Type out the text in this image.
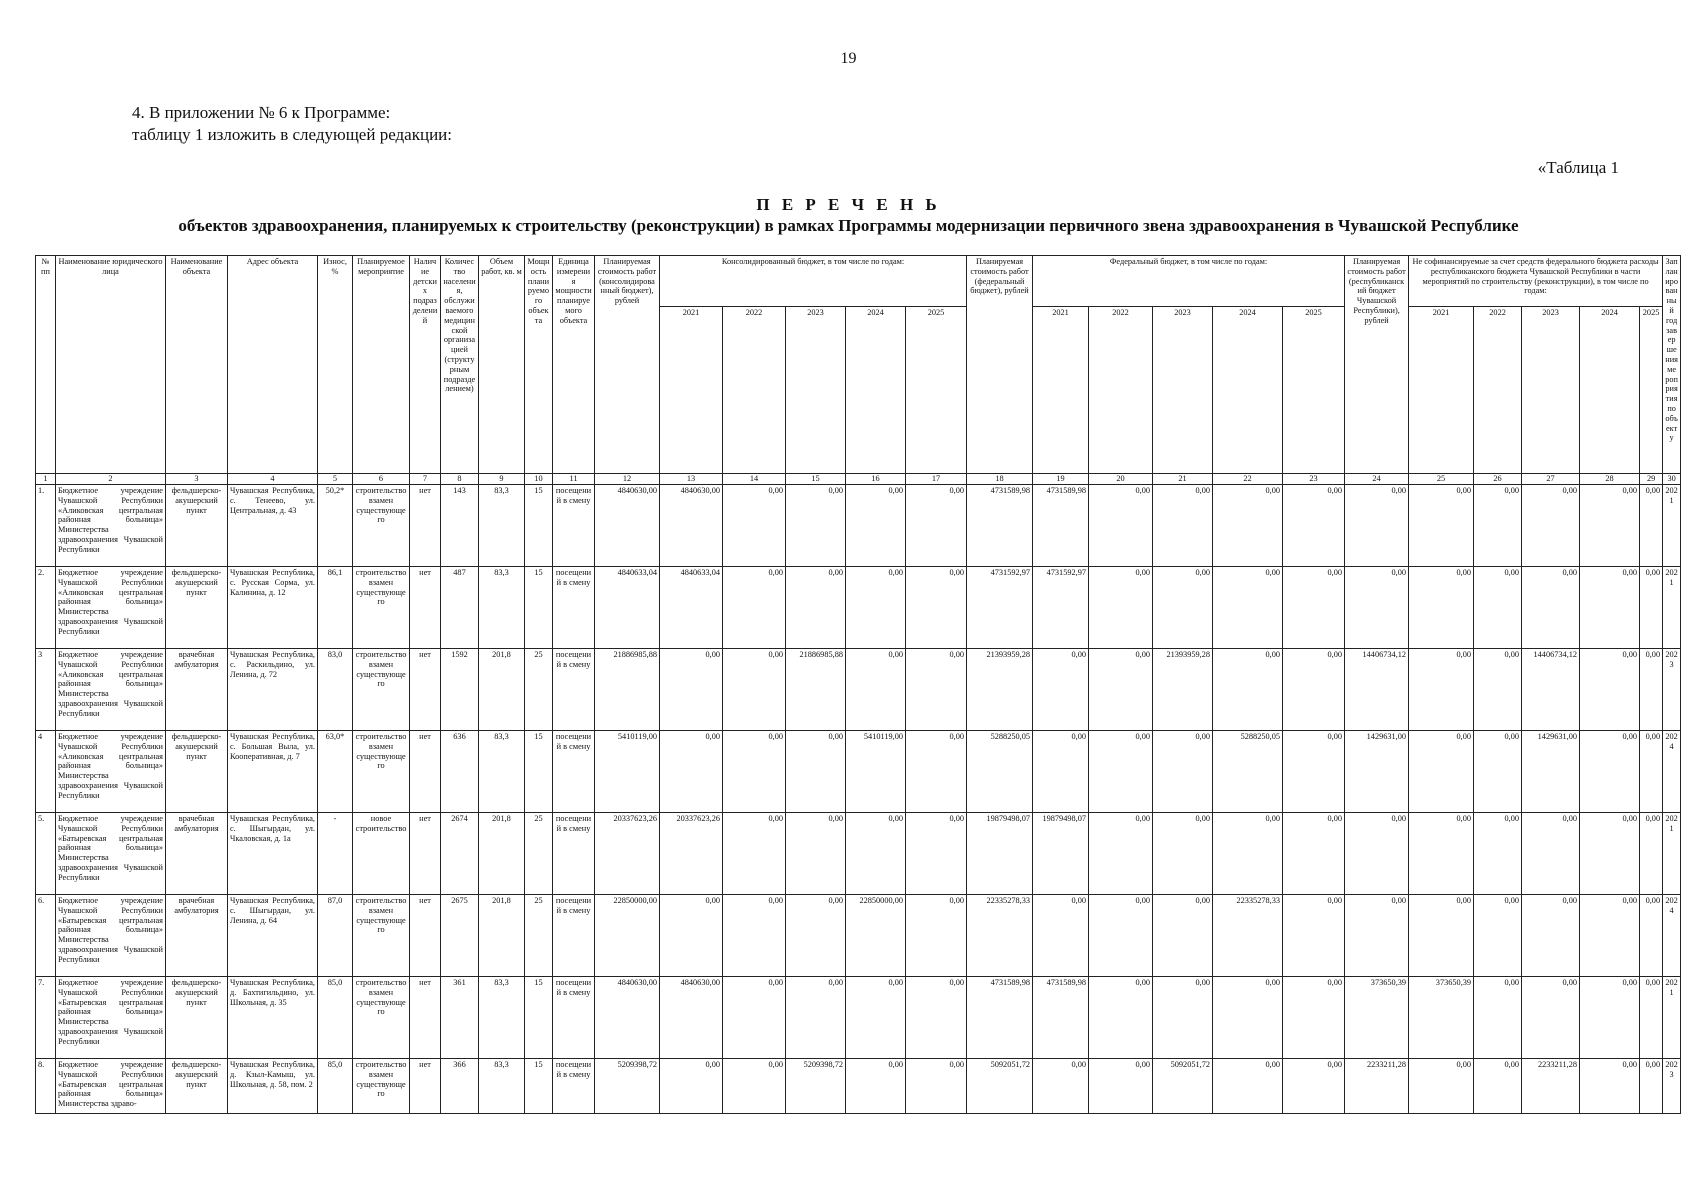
19
4. В приложении № 6 к Программе:
таблицу 1 изложить в следующей редакции:
«Таблица 1
П Е Р Е Ч Е Н Ь
объектов здравоохранения, планируемых к строительству (реконструкции) в рамках Программы модернизации первичного звена здравоохранения в Чувашской Республике
№ пп	Наименование юридического лица	Наименование объекта	Адрес объекта	Износ, %	Планируемое мероприятие	Наличие детских подразделений	Количество населения, обслуживаемого медицинской организацией (структурным подразделением)	Объем работ, кв. м	Мощность планируемого объекта	Единица измерения мощности планируемого объекта	Планируемая стоимость работ (консолидированный бюджет), рублей	Консолидированный бюджет, в том числе по годам:					Планируемая стоимость работ (федеральный бюджет), рублей	Федеральный бюджет, в том числе по годам:					Планируемая стоимость работ (республиканский бюджет Чувашской Республики), рублей	Не софинансируемые за счет средств федерального бюджета расходы республиканского бюджета Чувашской Республики в части мероприятий по строительству (реконструкции), в том числе по годам:					Запланированный год завершения мероприятия по объекту
												2021	2022	2023	2024	2025		2021	2022	2023	2024	2025		2021	2022	2023	2024	2025	
1	2	3	4	5	6	7	8	9	10	11	12	13	14	15	16	17	18	19	20	21	22	23	24	25	26	27	28	29	30
1.	Бюджетное учреждение Чувашской Республики «Аликовская центральная районная больница» Министерства здравоохранения Чувашской Республики	фельдшерско-акушерский пункт	Чувашская Республика, с. Тенеево, ул. Центральная, д. 43	50,2*	строительство взамен существующего	нет	143	83,3	15	посещений в смену	4840630,00	4840630,00	0,00	0,00	0,00	0,00	4731589,98	4731589,98	0,00	0,00	0,00	0,00	0,00	0,00	0,00	0,00	0,00	0,00	2021
2.	Бюджетное учреждение Чувашской Республики «Аликовская центральная районная больница» Министерства здравоохранения Чувашской Республики	фельдшерско-акушерский пункт	Чувашская Республика, с. Русская Сорма, ул. Калинина, д. 12	86,1	строительство взамен существующего	нет	487	83,3	15	посещений в смену	4840633,04	4840633,04	0,00	0,00	0,00	0,00	4731592,97	4731592,97	0,00	0,00	0,00	0,00	0,00	0,00	0,00	0,00	0,00	0,00	2021
3	Бюджетное учреждение Чувашской Республики «Аликовская центральная районная больница» Министерства здравоохранения Чувашской Республики	врачебная амбулатория	Чувашская Республика, с. Раскильдино, ул. Ленина, д. 72	83,0	строительство взамен существующего	нет	1592	201,8	25	посещений в смену	21886985,88	0,00	0,00	21886985,88	0,00	0,00	21393959,28	0,00	0,00	21393959,28	0,00	0,00	14406734,12	0,00	0,00	14406734,12	0,00	0,00	2023
4	Бюджетное учреждение Чувашской Республики «Аликовская центральная районная больница» Министерства здравоохранения Чувашской Республики	фельдшерско-акушерский пункт	Чувашская Республика, с. Большая Выла, ул. Кооперативная, д. 7	63,0*	строительство взамен существующего	нет	636	83,3	15	посещений в смену	5410119,00	0,00	0,00	0,00	5410119,00	0,00	5288250,05	0,00	0,00	0,00	5288250,05	0,00	1429631,00	0,00	0,00	1429631,00	0,00	0,00	2024
5.	Бюджетное учреждение Чувашской Республики «Батыревская центральная районная больница» Министерства здравоохранения Чувашской Республики	врачебная амбулатория	Чувашская Республика, с. Шыгырдан, ул. Чкаловская, д. 1а	-	новое строительство	нет	2674	201,8	25	посещений в смену	20337623,26	20337623,26	0,00	0,00	0,00	0,00	19879498,07	19879498,07	0,00	0,00	0,00	0,00	0,00	0,00	0,00	0,00	0,00	0,00	2021
6.	Бюджетное учреждение Чувашской Республики «Батыревская центральная районная больница» Министерства здравоохранения Чувашской Республики	врачебная амбулатория	Чувашская Республика, с. Шыгырдан, ул. Ленина, д. 64	87,0	строительство взамен существующего	нет	2675	201,8	25	посещений в смену	22850000,00	0,00	0,00	0,00	22850000,00	0,00	22335278,33	0,00	0,00	0,00	22335278,33	0,00	0,00	0,00	0,00	0,00	0,00	0,00	2024
7.	Бюджетное учреждение Чувашской Республики «Батыревская центральная районная больница» Министерства здравоохранения Чувашской Республики	фельдшерско-акушерский пункт	Чувашская Республика, д. Бахтигильдино, ул. Школьная, д. 35	85,0	строительство взамен существующего	нет	361	83,3	15	посещений в смену	4840630,00	4840630,00	0,00	0,00	0,00	0,00	4731589,98	4731589,98	0,00	0,00	0,00	0,00	373650,39	373650,39	0,00	0,00	0,00	0,00	2021
8.	Бюджетное учреждение Чувашской Республики «Батыревская центральная районная больница» Министерства здраво-	фельдшерско-акушерский пункт	Чувашская Республика, д. Кзыл-Камыш, ул. Школьная, д. 58, пом. 2	85,0	строительство взамен существующего	нет	366	83,3	15	посещений в смену	5209398,72	0,00	0,00	5209398,72	0,00	0,00	5092051,72	0,00	0,00	5092051,72	0,00	0,00	2233211,28	0,00	0,00	2233211,28	0,00	0,00	2023
